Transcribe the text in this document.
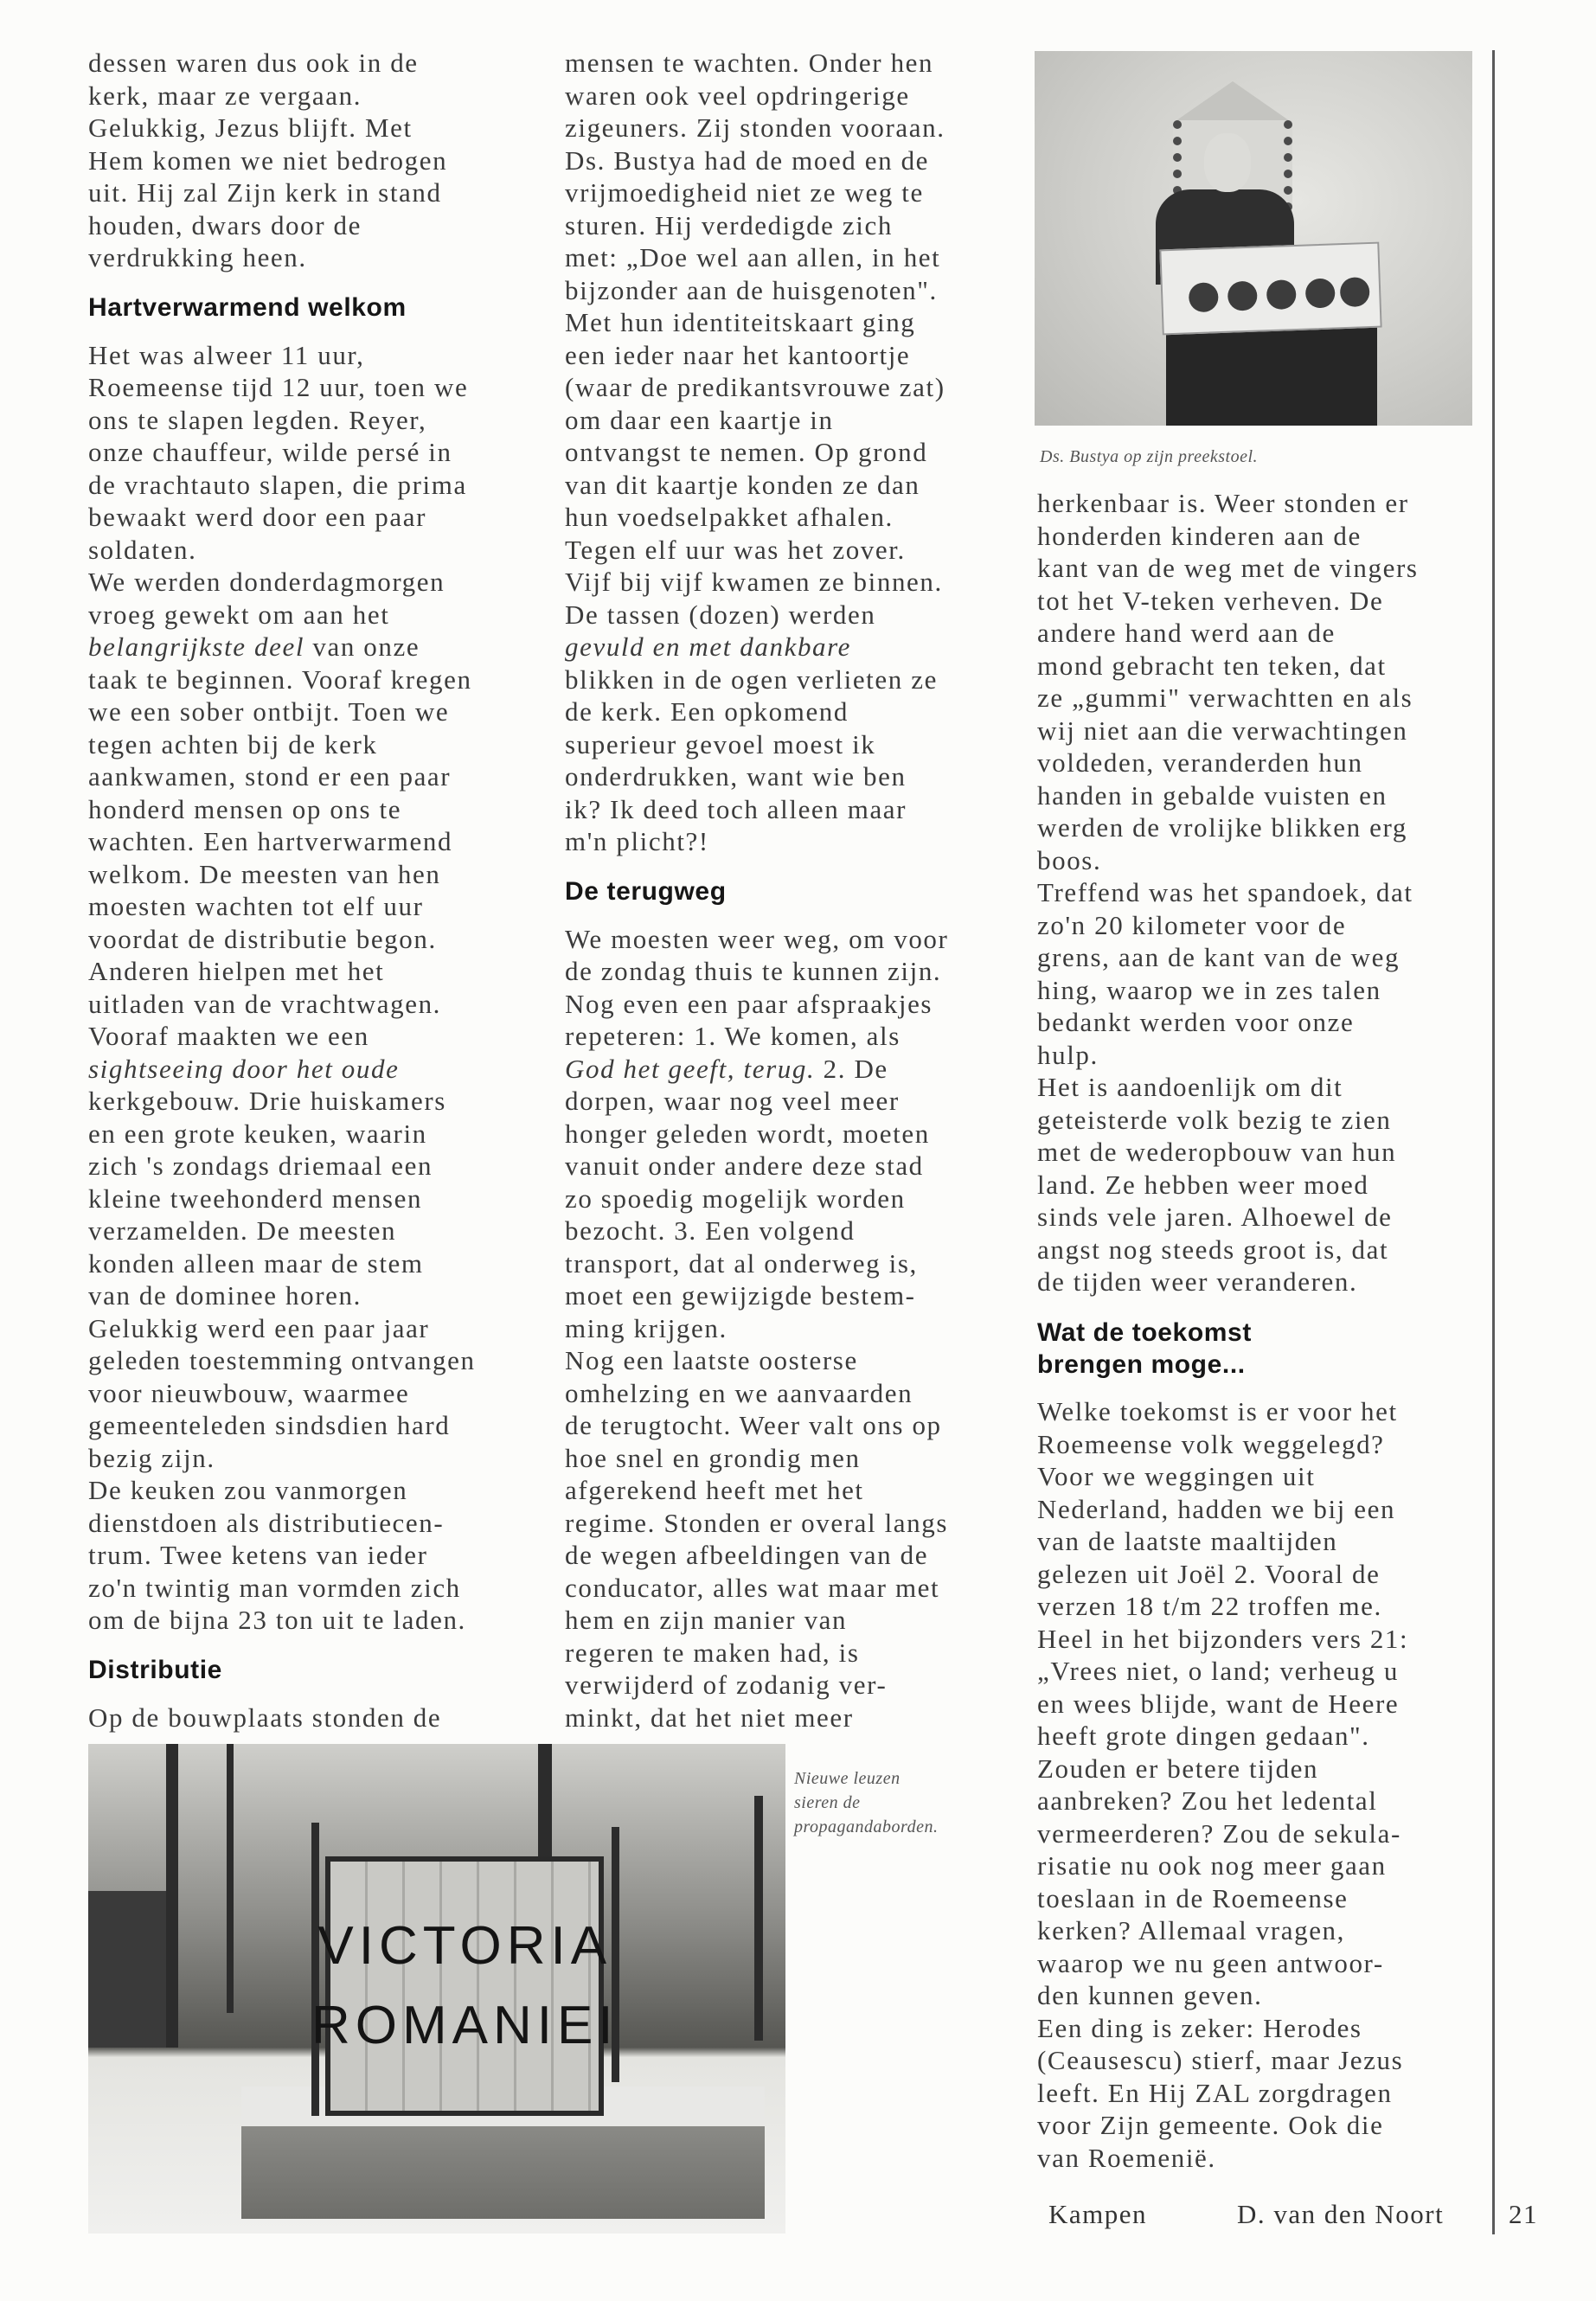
dessen waren dus ook in de
kerk, maar ze vergaan.
Gelukkig, Jezus blijft. Met
Hem komen we niet bedrogen
uit. Hij zal Zijn kerk in stand
houden, dwars door de
verdrukking heen.
Hartverwarmend welkom
Het was alweer 11 uur,
Roemeense tijd 12 uur, toen we
ons te slapen legden. Reyer,
onze chauffeur, wilde persé in
de vrachtauto slapen, die prima
bewaakt werd door een paar
soldaten.
We werden donderdagmorgen
vroeg gewekt om aan het
belangrijkste deel van onze
taak te beginnen. Vooraf kregen
we een sober ontbijt. Toen we
tegen achten bij de kerk
aankwamen, stond er een paar
honderd mensen op ons te
wachten. Een hartverwarmend
welkom. De meesten van hen
moesten wachten tot elf uur
voordat de distributie begon.
Anderen hielpen met het
uitladen van de vrachtwagen.
Vooraf maakten we een
sightseeing door het oude
kerkgebouw. Drie huiskamers
en een grote keuken, waarin
zich 's zondags driemaal een
kleine tweehonderd mensen
verzamelden. De meesten
konden alleen maar de stem
van de dominee horen.
Gelukkig werd een paar jaar
geleden toestemming ontvangen
voor nieuwbouw, waarmee
gemeenteleden sindsdien hard
bezig zijn.
De keuken zou vanmorgen
dienstdoen als distributiecen-
trum. Twee ketens van ieder
zo'n twintig man vormden zich
om de bijna 23 ton uit te laden.
Distributie
Op de bouwplaats stonden de
mensen te wachten. Onder hen
waren ook veel opdringerige
zigeuners. Zij stonden vooraan.
Ds. Bustya had de moed en de
vrijmoedigheid niet ze weg te
sturen. Hij verdedigde zich
met: „Doe wel aan allen, in het
bijzonder aan de huisgenoten".
Met hun identiteitskaart ging
een ieder naar het kantoortje
(waar de predikantsvrouwe zat)
om daar een kaartje in
ontvangst te nemen. Op grond
van dit kaartje konden ze dan
hun voedselpakket afhalen.
Tegen elf uur was het zover.
Vijf bij vijf kwamen ze binnen.
De tassen (dozen) werden
gevuld en met dankbare
blikken in de ogen verlieten ze
de kerk. Een opkomend
superieur gevoel moest ik
onderdrukken, want wie ben
ik? Ik deed toch alleen maar
m'n plicht?!
De terugweg
We moesten weer weg, om voor
de zondag thuis te kunnen zijn.
Nog even een paar afspraakjes
repeteren: 1. We komen, als
God het geeft, terug. 2. De
dorpen, waar nog veel meer
honger geleden wordt, moeten
vanuit onder andere deze stad
zo spoedig mogelijk worden
bezocht. 3. Een volgend
transport, dat al onderweg is,
moet een gewijzigde bestem-
ming krijgen.
Nog een laatste oosterse
omhelzing en we aanvaarden
de terugtocht. Weer valt ons op
hoe snel en grondig men
afgerekend heeft met het
regime. Stonden er overal langs
de wegen afbeeldingen van de
conducator, alles wat maar met
hem en zijn manier van
regeren te maken had, is
verwijderd of zodanig ver-
minkt, dat het niet meer
Ds. Bustya op zijn preekstoel.
herkenbaar is. Weer stonden er
honderden kinderen aan de
kant van de weg met de vingers
tot het V-teken verheven. De
andere hand werd aan de
mond gebracht ten teken, dat
ze „gummi" verwachtten en als
wij niet aan die verwachtingen
voldeden, veranderden hun
handen in gebalde vuisten en
werden de vrolijke blikken erg
boos.
Treffend was het spandoek, dat
zo'n 20 kilometer voor de
grens, aan de kant van de weg
hing, waarop we in zes talen
bedankt werden voor onze
hulp.
Het is aandoenlijk om dit
geteisterde volk bezig te zien
met de wederopbouw van hun
land. Ze hebben weer moed
sinds vele jaren. Alhoewel de
angst nog steeds groot is, dat
de tijden weer veranderen.
Wat de toekomst
brengen moge...
Welke toekomst is er voor het
Roemeense volk weggelegd?
Voor we weggingen uit
Nederland, hadden we bij een
van de laatste maaltijden
gelezen uit Joël 2. Vooral de
verzen 18 t/m 22 troffen me.
Heel in het bijzonders vers 21:
„Vrees niet, o land; verheug u
en wees blijde, want de Heere
heeft grote dingen gedaan".
Zouden er betere tijden
aanbreken? Zou het ledental
vermeerderen? Zou de sekula-
risatie nu ook nog meer gaan
toeslaan in de Roemeense
kerken? Allemaal vragen,
waarop we nu geen antwoor-
den kunnen geven.
Een ding is zeker: Herodes
(Ceausescu) stierf, maar Jezus
leeft. En Hij ZAL zorgdragen
voor Zijn gemeente. Ook die
van Roemenië.
VICTORIA
ROMANIEI
Nieuwe leuzen
sieren de
propagandaborden.
Kampen	D. van den Noort 21
